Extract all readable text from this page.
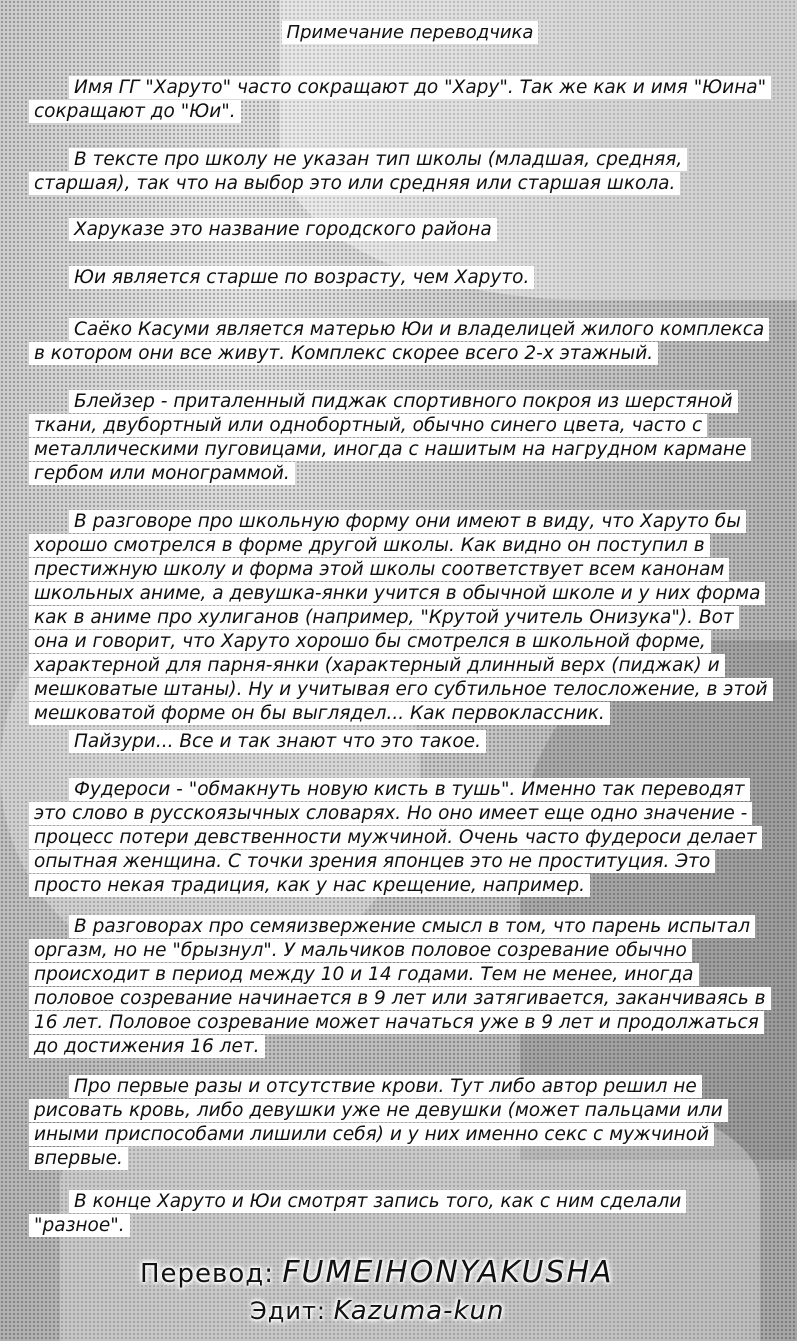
Примечание переводчика

Имя ГГ "Харуто" часто сокращают до "Хару". Так же как и имя "Юина" сокращают до "Юи".

В тексте про школу не указан тип школы (младшая, средняя, старшая), так что на выбор это или средняя или старшая школа.

Харуказе это название городского района

Юи является старше по возрасту, чем Харуто.

Саёко Касуми является матерью Юи и владелицей жилого комплекса в котором они все живут. Комплекс скорее всего 2-х этажный.

Блейзер - приталенный пиджак спортивного покроя из шерстяной ткани, двубортный или однобортный, обычно синего цвета, часто с металлическими пуговицами, иногда с нашитым на нагрудном кармане гербом или монограммой.

В разговоре про школьную форму они имеют в виду, что Харуто бы хорошо смотрелся в форме другой школы. Как видно он поступил в престижную школу и форма этой школы соответствует всем канонам школьных аниме, а девушка-янки учится в обычной школе и у них форма как в аниме про хулиганов (например, "Крутой учитель Онизука"). Вот она и говорит, что Харуто хорошо бы смотрелся в школьной форме, характерной для парня-янки (характерный длинный верх (пиджак) и мешковатые штаны). Ну и учитывая его субтильное телосложение, в этой мешковатой форме он бы выглядел... Как первоклассник.

Пайзури... Все и так знают что это такое.

Фудероси - "обмакнуть новую кисть в тушь". Именно так переводят это слово в русскоязычных словарях. Но оно имеет еще одно значение - процесс потери девственности мужчиной. Очень часто фудероси делает опытная женщина. С точки зрения японцев это не проституция. Это просто некая традиция, как у нас крещение, например.

В разговорах про семяизвержение смысл в том, что парень испытал оргазм, но не "брызнул". У мальчиков половое созревание обычно происходит в период между 10 и 14 годами. Тем не менее, иногда половое созревание начинается в 9 лет или затягивается, заканчиваясь в 16 лет. Половое созревание может начаться уже в 9 лет и продолжаться до достижения 16 лет.

Про первые разы и отсутствие крови. Тут либо автор решил не рисовать кровь, либо девушки уже не девушки (может пальцами или иными приспособами лишили себя) и у них именно секс с мужчиной впервые.

В конце Харуто и Юи смотрят запись того, как с ним сделали "разное".

Перевод: FUMEIHONYAKUSHA
Эдит: Kazuma-kun
